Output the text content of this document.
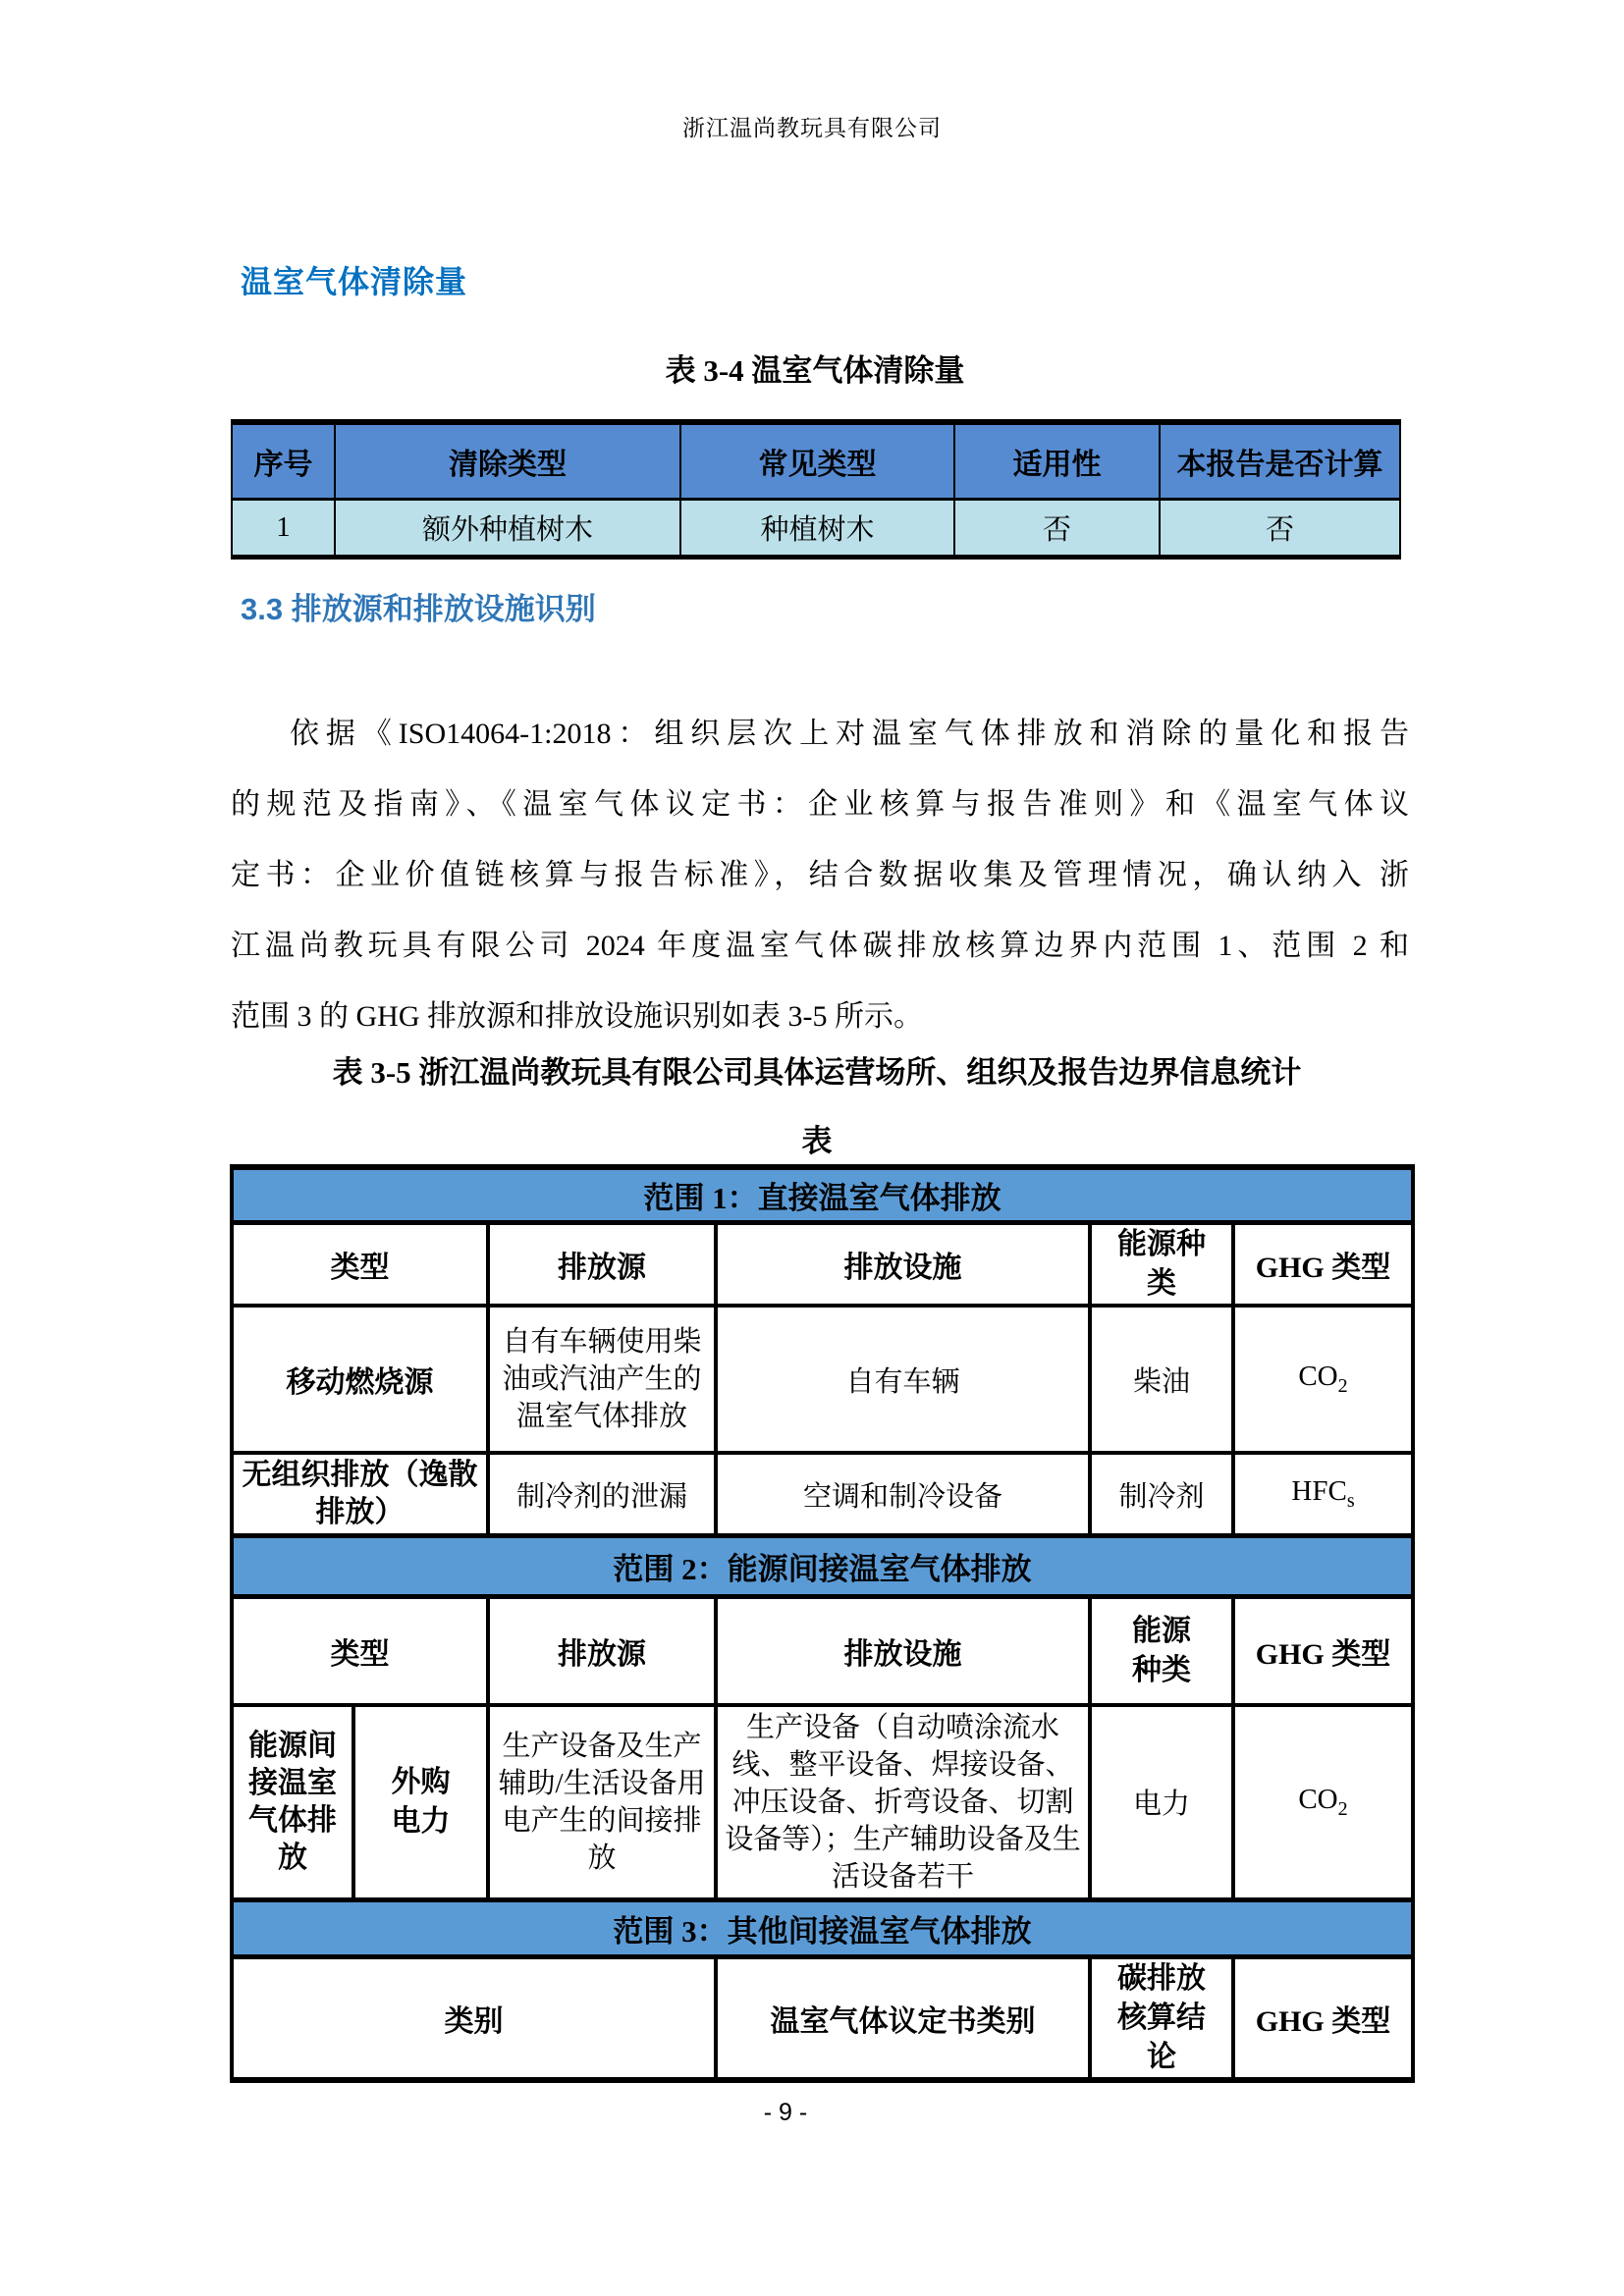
浙江温尚教玩具有限公司
温室气体清除量
表 3-4 温室气体清除量
序号	清除类型	常见类型	适用性	本报告是否计算
1	额外种植树木	种植树木	否	否
3.3 排放源和排放设施识别
依据《ISO14064-1:2018：组织层次上对温室气体排放和消除的量化和报告
的规范及指南》、《温室气体议定书：企业核算与报告准则》和《温室气体议
定书：企业价值链核算与报告标准》，结合数据收集及管理情况，确认纳入 浙
江温尚教玩具有限公司 2024 年度温室气体碳排放核算边界内范围 1、范围 2 和
范围 3 的 GHG 排放源和排放设施识别如表 3-5 所示。
表 3-5 浙江温尚教玩具有限公司具体运营场所、组织及报告边界信息统计
表
范围 1：直接温室气体排放					
类型		排放源	排放设施	能源种类	GHG 类型
移动燃烧源		自有车辆使用柴油或汽油产生的温室气体排放	自有车辆	柴油	$CO_2$
无组织排放（逸散排放）		制冷剂的泄漏	空调和制冷设备	制冷剂	$HFC_s$
范围 2：能源间接温室气体排放					
类型		排放源	排放设施	能源种类	GHG 类型
能源间接温室气体排放	外购电力	生产设备及生产辅助/生活设备用电产生的间接排放	生产设备（自动喷涂流水线、整平设备、焊接设备、冲压设备、折弯设备、切割设备等）；生产辅助设备及生活设备若干	电力	$CO_2$
范围 3：其他间接温室气体排放					
类别			温室气体议定书类别	碳排放核算结论	GHG 类型
- 9 -
